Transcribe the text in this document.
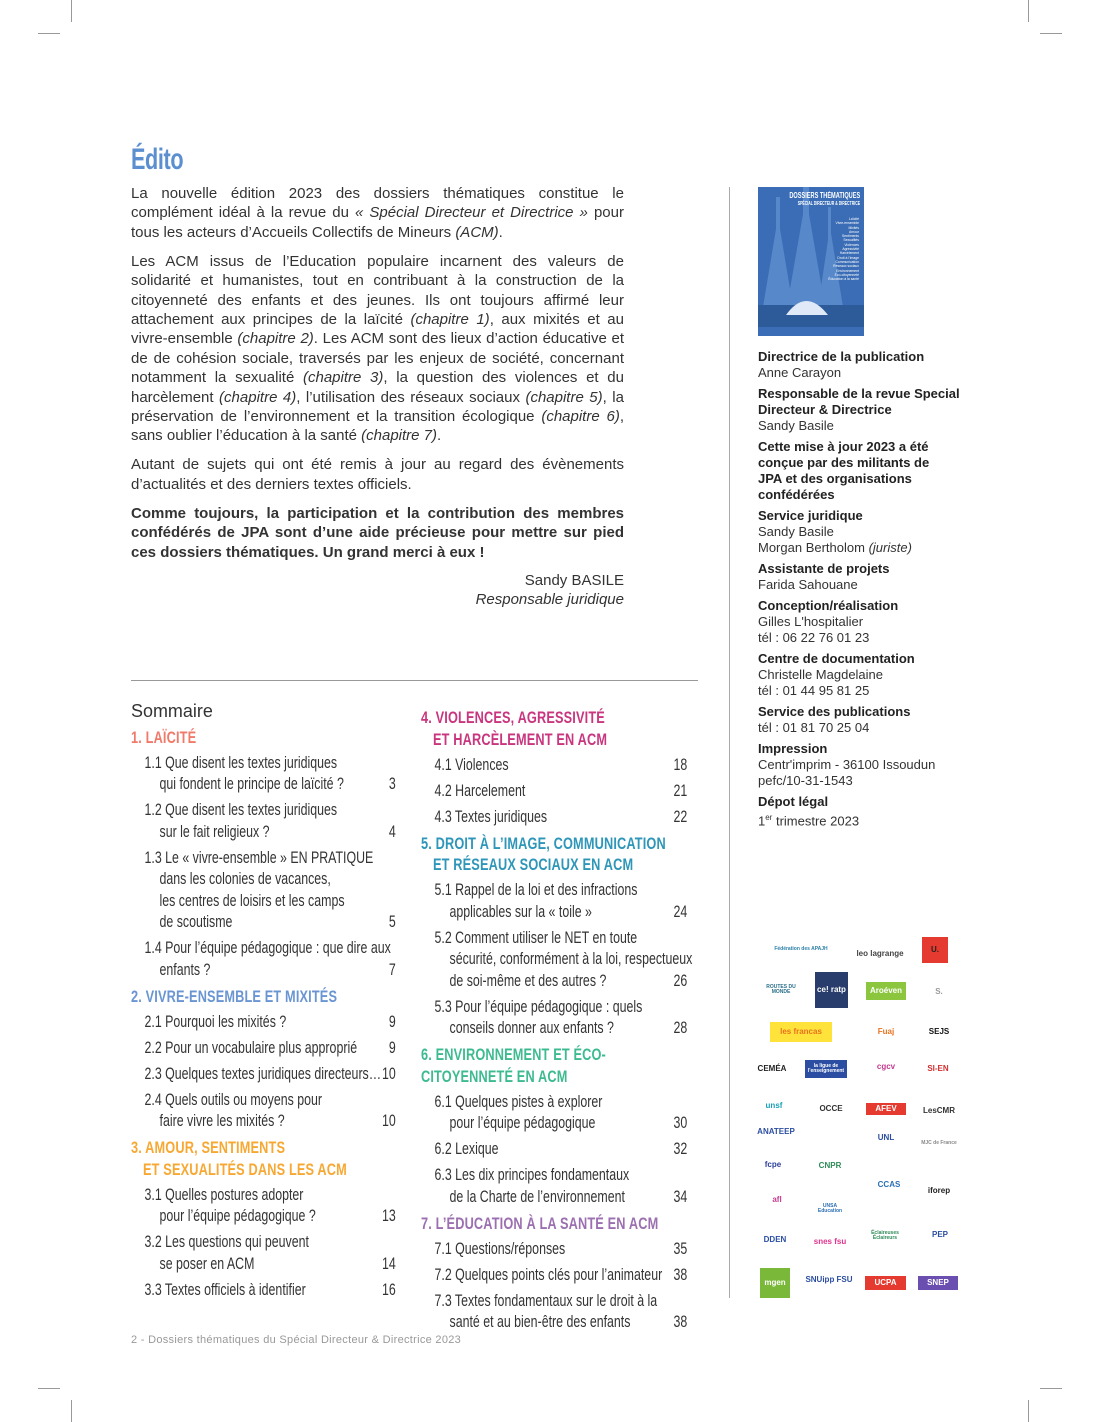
Édito

La nouvelle édition 2023 des dossiers thématiques constitue le complément idéal à la revue du « Spécial Directeur et Directrice » pour tous les acteurs d’Accueils Collectifs de Mineurs (ACM).

Les ACM issus de l’Education populaire incarnent des valeurs de solidarité et humanistes, tout en contribuant à la construction de la citoyenneté des enfants et des jeunes. Ils ont toujours affirmé leur attachement aux principes de la laïcité (chapitre 1), aux mixités et au vivre-ensemble (chapitre 2). Les ACM sont des lieux d’action éducative et de de cohésion sociale, traversés par les enjeux de société, concernant notamment la sexualité (chapitre 3), la question des violences et du harcèlement (chapitre 4), l’utilisation des réseaux sociaux (chapitre 5), la préservation de l’environnement et la transition écologique (chapitre 6), sans oublier l’éducation à la santé (chapitre 7).

Autant de sujets qui ont été remis à jour au regard des évènements d’actualités et des derniers textes officiels.

Comme toujours, la participation et la contribution des membres confédérés de JPA sont d’une aide précieuse pour mettre sur pied ces dossiers thématiques. Un grand merci à eux !

Sandy BASILE
Responsable juridique
Sommaire
1. LAÏCITÉ
1.1 Que disent les textes juridiques
qui fondent le principe de laïcité ?	3
1.2 Que disent les textes juridiques
sur le fait religieux ?	4
1.3 Le « vivre-ensemble » EN PRATIQUE
dans les colonies de vacances,
les centres de loisirs et les camps
de scoutisme	5
1.4 Pour l’équipe pédagogique : que dire aux
enfants ?	7
2. VIVRE-ENSEMBLE ET MIXITÉS
2.1 Pourquoi les mixités ?	9
2.2 Pour un vocabulaire plus approprié	9
2.3 Quelques textes juridiques directeurs… 10
2.4 Quels outils ou moyens pour
faire vivre les mixités ?	10
3. AMOUR, SENTIMENTS
ET SEXUALITÉS DANS LES ACM
3.1 Quelles postures adopter
pour l’équipe pédagogique ?	13
3.2 Les questions qui peuvent
se poser en ACM	14
3.3 Textes officiels à identifier	16
4. VIOLENCES, AGRESSIVITÉ
ET HARCÈLEMENT EN ACM
4.1 Violences	18
4.2 Harcelement	21
4.3 Textes juridiques	22
5. DROIT À L’IMAGE, COMMUNICATION
ET RÉSEAUX SOCIAUX EN ACM
5.1 Rappel de la loi et des infractions
applicables sur la « toile »	24
5.2 Comment utiliser le NET en toute
sécurité, conformément à la loi, respectueux
de soi-même et des autres ?	26
5.3 Pour l’équipe pédagogique : quels
conseils donner aux enfants ?	28
6. ENVIRONNEMENT ET ÉCO-CITOYENNETÉ EN ACM
6.1 Quelques pistes à explorer
pour l’équipe pédagogique	30
6.2 Lexique	32
6.3 Les dix principes fondamentaux
de la Charte de l’environnement	34
7. L’ÉDUCATION À LA SANTÉ EN ACM
7.1 Questions/réponses	35
7.2 Quelques points clés pour l’animateur 38
7.3 Textes fondamentaux sur le droit à la
santé et au bien-être des enfants	38
DOSSIERS THÉMATIQUES
SPÉCIAL DIRECTEUR & DIRECTRICE
Laïcité
Vivre-ensemble
Mixités
Amour
Sentiments
Sexualités
Violences
Agressivité
Harcèlement
Droit à l'image
Communication
Réseaux sociaux
Environnement
Éco-citoyenneté
Éducation à la santé
Directrice de la publication
Anne Carayon
Responsable de la revue Special
Directeur & Directrice
Sandy Basile
Cette mise à jour 2023 a été
conçue par des militants de
JPA et des organisations
confédérées
Service juridique
Sandy Basile
Morgan Bertholom (juriste)
Assistante de projets
Farida Sahouane
Conception/réalisation
Gilles L'hospitalier
tél : 06 22 76 01 23
Centre de documentation
Christelle Magdelaine
tél : 01 44 95 81 25
Service des publications
tél : 01 81 70 25 04
Impression
Centr'imprim - 36100 Issoudun
pefc/10-31-1543
Dépot légal
1er trimestre 2023
Fédération des APAJH
leo lagrange	U.
ROUTES DU MONDE	ce! ratp	Aroéven	S.
les francas	Fuaj	SEJS
CEMÉA	la ligue de l'enseignement	cgcv	SI-EN
unsf	OCCE	AFEV	LesCMR
ANATEEP
UNL
MJC de France
fcpe	CNPR
CCAS
afl
UNSA Education
iforep
DDEN	snes fsu
Éclaireuses Éclaireurs	PEP
mgen	SNUipp FSU	UCPA	SNEP
2 - Dossiers thématiques du Spécial Directeur & Directrice 2023
